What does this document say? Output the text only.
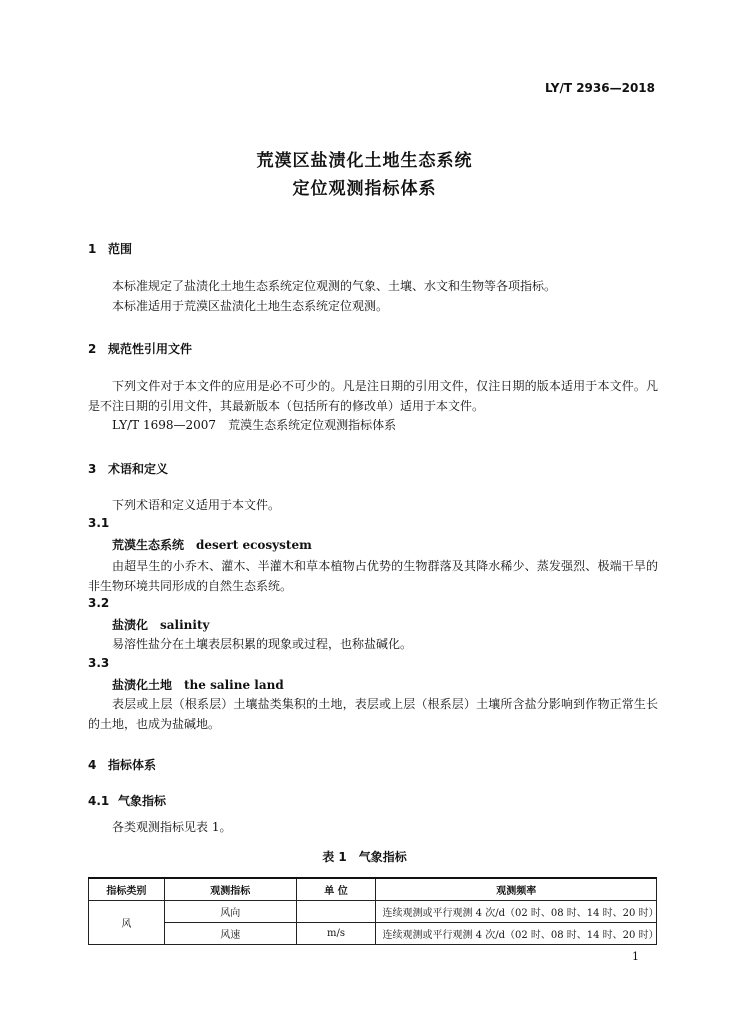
LY/T 2936—2018
荒漠区盐渍化土地生态系统
定位观测指标体系
1 范围
本标准规定了盐渍化土地生态系统定位观测的气象、土壤、水文和生物等各项指标。
本标准适用于荒漠区盐渍化土地生态系统定位观测。
2 规范性引用文件
下列文件对于本文件的应用是必不可少的。凡是注日期的引用文件，仅注日期的版本适用于本文件。凡是不注日期的引用文件，其最新版本（包括所有的修改单）适用于本文件。
LY/T 1698—2007　荒漠生态系统定位观测指标体系
3 术语和定义
下列术语和定义适用于本文件。
3.1
荒漠生态系统 desert ecosystem
由超旱生的小乔木、灌木、半灌木和草本植物占优势的生物群落及其降水稀少、蒸发强烈、极端干旱的非生物环境共同形成的自然生态系统。
3.2
盐渍化 salinity
易溶性盐分在土壤表层积累的现象或过程，也称盐碱化。
3.3
盐渍化土地 the saline land
表层或上层（根系层）土壤盐类集积的土地，表层或上层（根系层）土壤所含盐分影响到作物正常生长的土地，也成为盐碱地。
4 指标体系
4.1 气象指标
各类观测指标见表 1。
表 1　气象指标
指标类别	观测指标	单 位	观测频率
风	风向		连续观测或平行观测 4 次/d（02 时、08 时、14 时、20 时）
	风速	m/s	连续观测或平行观测 4 次/d（02 时、08 时、14 时、20 时）
1
